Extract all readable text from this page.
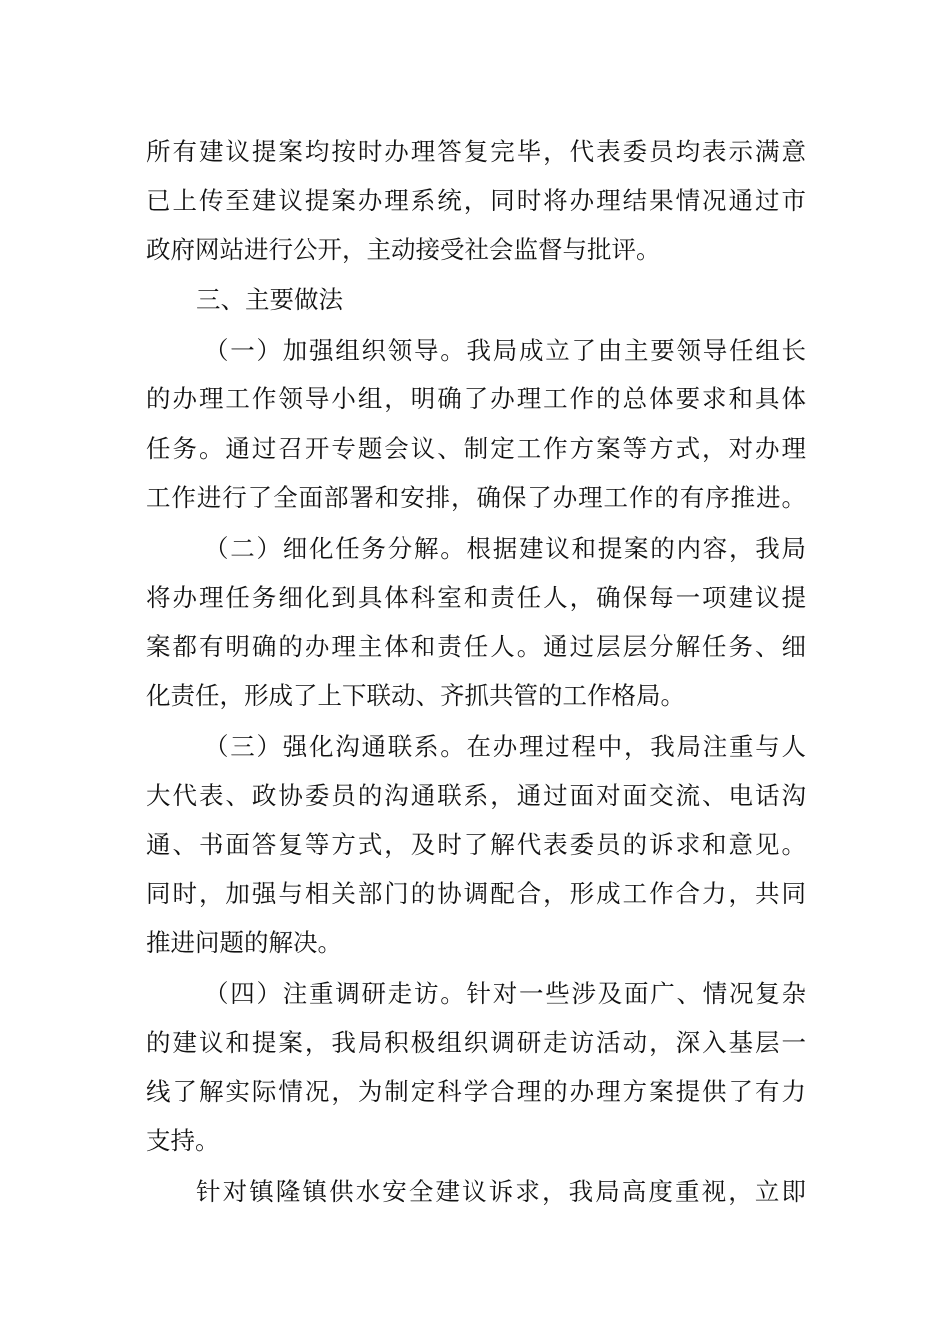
所有建议提案均按时办理答复完毕，代表委员均表示满意
已上传至建议提案办理系统，同时将办理结果情况通过市
政府网站进行公开，主动接受社会监督与批评。
三、主要做法
（一）加强组织领导。我局成立了由主要领导任组长
的办理工作领导小组，明确了办理工作的总体要求和具体
任务。通过召开专题会议、制定工作方案等方式，对办理
工作进行了全面部署和安排，确保了办理工作的有序推进。
（二）细化任务分解。根据建议和提案的内容，我局
将办理任务细化到具体科室和责任人，确保每一项建议提
案都有明确的办理主体和责任人。通过层层分解任务、细
化责任，形成了上下联动、齐抓共管的工作格局。
（三）强化沟通联系。在办理过程中，我局注重与人
大代表、政协委员的沟通联系，通过面对面交流、电话沟
通、书面答复等方式，及时了解代表委员的诉求和意见。
同时，加强与相关部门的协调配合，形成工作合力，共同
推进问题的解决。
（四）注重调研走访。针对一些涉及面广、情况复杂
的建议和提案，我局积极组织调研走访活动，深入基层一
线了解实际情况，为制定科学合理的办理方案提供了有力
支持。
针对镇隆镇供水安全建议诉求，我局高度重视，立即
